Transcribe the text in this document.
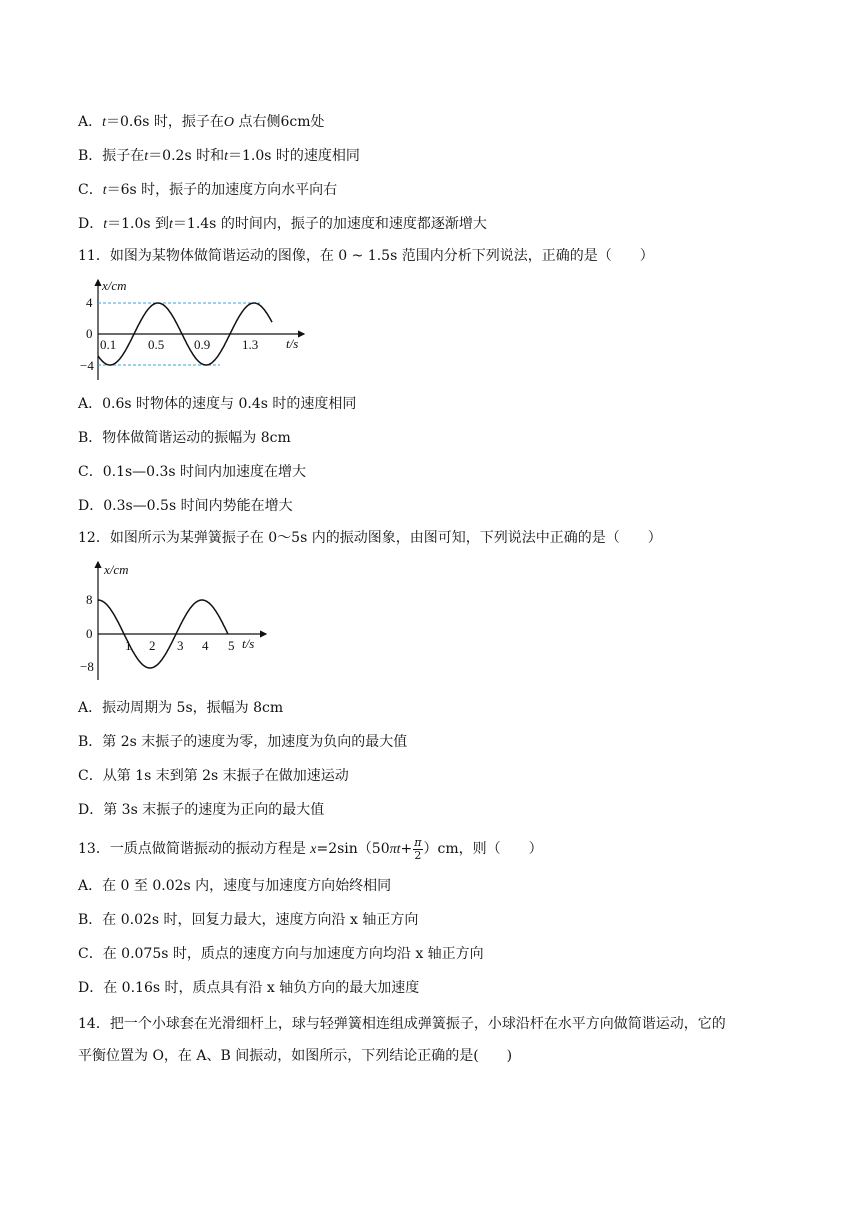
A．t＝0.6s 时，振子在O 点右侧6cm处
B．振子在t＝0.2s 时和t＝1.0s 时的速度相同
C．t＝6s 时，振子的加速度方向水平向右
D．t＝1.0s 到t＝1.4s 的时间内，振子的加速度和速度都逐渐增大
11．如图为某物体做简谐运动的图像，在 0 ~ 1.5s 范围内分析下列说法，正确的是（　　）
x/cm
t/s
4
0
−4
0.1 0.5 0.9 1.3
A．0.6s 时物体的速度与 0.4s 时的速度相同
B．物体做简谐运动的振幅为 8cm
C．0.1s—0.3s 时间内加速度在增大
D．0.3s—0.5s 时间内势能在增大
12．如图所示为某弹簧振子在 0～5s 内的振动图象，由图可知，下列说法中正确的是（　　）
x/cm
t/s
8
0
−8
1 2 3 4 5
A．振动周期为 5s，振幅为 8cm
B．第 2s 末振子的速度为零，加速度为负向的最大值
C．从第 1s 末到第 2s 末振子在做加速运动
D．第 3s 末振子的速度为正向的最大值
13．一质点做简谐振动的振动方程是 $x=2\sin(50\pi t+ \frac{\pi}{2} )cm$，则（　　）
A．在 0 至 0.02s 内，速度与加速度方向始终相同
B．在 0.02s 时，回复力最大，速度方向沿 x 轴正方向
C．在 0.075s 时，质点的速度方向与加速度方向均沿 x 轴正方向
D．在 0.16s 时，质点具有沿 x 轴负方向的最大加速度
14．把一个小球套在光滑细杆上，球与轻弹簧相连组成弹簧振子，小球沿杆在水平方向做简谐运动，它的
平衡位置为 O，在 A、B 间振动，如图所示，下列结论正确的是(　　)
